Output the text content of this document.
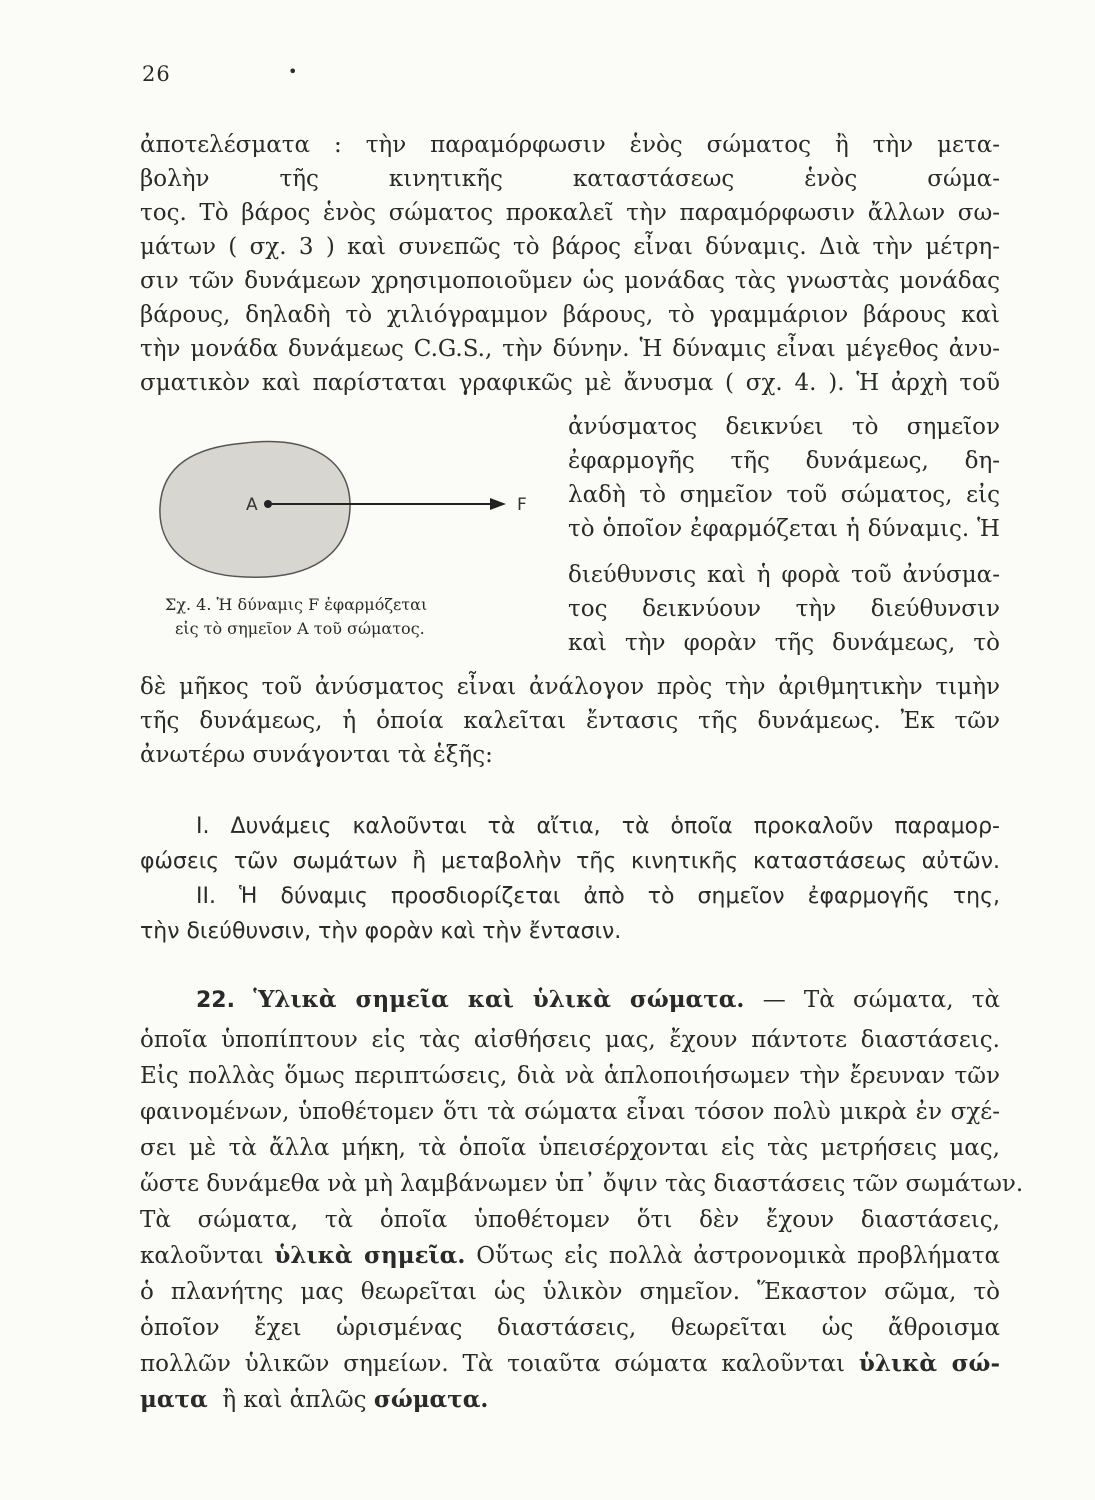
26	•
ἀποτελέσματα : τὴν παραμόρφωσιν ἑνὸς σώματος ἢ τὴν μετα-
βολὴν τῆς κινητικῆς καταστάσεως ἑνὸς σώμα-
τος. Τὸ βάρος ἑνὸς σώματος προκαλεῖ τὴν παραμόρφωσιν ἄλλων σω-
μάτων ( σχ. 3 ) καὶ συνεπῶς τὸ βάρος εἶναι δύναμις. Διὰ τὴν μέτρη-
σιν τῶν δυνάμεων χρησιμοποιοῦμεν ὡς μονάδας τὰς γνωστὰς μονάδας
βάρους, δηλαδὴ τὸ χιλιόγραμμον βάρους, τὸ γραμμάριον βάρους καὶ
τὴν μονάδα δυνάμεως C.G.S., τὴν δύνην. Ἡ δύναμις εἶναι μέγεθος ἀνυ-
σματικὸν καὶ παρίσταται γραφικῶς μὲ ἄνυσμα ( σχ. 4. ). Ἡ ἀρχὴ τοῦ
ἀνύσματος δεικνύει τὸ σημεῖον
ἐφαρμογῆς τῆς δυνάμεως, δη-
λαδὴ τὸ σημεῖον τοῦ σώματος, εἰς
τὸ ὁποῖον ἐφαρμόζεται ἡ δύναμις. Ἡ
διεύθυνσις καὶ ἡ φορὰ τοῦ ἀνύσμα-
τος δεικνύουν τὴν διεύθυνσιν
καὶ τὴν φορὰν τῆς δυνάμεως, τὸ
A	F
Σχ. 4. Ἡ δύναμις F ἐφαρμόζεται
εἰς τὸ σημεῖον A τοῦ σώματος.
δὲ μῆκος τοῦ ἀνύσματος εἶναι ἀνάλογον πρὸς τὴν ἀριθμητικὴν τιμὴν
τῆς δυνάμεως, ἡ ὁποία καλεῖται ἔντασις τῆς δυνάμεως. Ἐκ τῶν
ἀνωτέρω συνάγονται τὰ ἑξῆς:
I. Δυνάμεις καλοῦνται τὰ αἴτια, τὰ ὁποῖα προκαλοῦν παραμορ-
φώσεις τῶν σωμάτων ἢ μεταβολὴν τῆς κινητικῆς καταστάσεως αὐτῶν.
II. Ἡ δύναμις προσδιορίζεται ἀπὸ τὸ σημεῖον ἐφαρμογῆς της,
τὴν διεύθυνσιν, τὴν φορὰν καὶ τὴν ἔντασιν.
22. Ὑλικὰ σημεῖα καὶ ὑλικὰ σώματα. — Τὰ σώματα, τὰ
ὁποῖα ὑποπίπτουν εἰς τὰς αἰσθήσεις μας, ἔχουν πάντοτε διαστάσεις.
Εἰς πολλὰς ὅμως περιπτώσεις, διὰ νὰ ἁπλοποιήσωμεν τὴν ἔρευναν τῶν
φαινομένων, ὑποθέτομεν ὅτι τὰ σώματα εἶναι τόσον πολὺ μικρὰ ἐν σχέ-
σει μὲ τὰ ἄλλα μήκη, τὰ ὁποῖα ὑπεισέρχονται εἰς τὰς μετρήσεις μας,
ὥστε δυνάμεθα νὰ μὴ λαμβάνωμεν ὑπ᾽ ὄψιν τὰς διαστάσεις τῶν σωμάτων.
Τὰ σώματα, τὰ ὁποῖα ὑποθέτομεν ὅτι δὲν ἔχουν διαστάσεις,
καλοῦνται ὑλικὰ σημεῖα. Οὕτως εἰς πολλὰ ἀστρονομικὰ προβλήματα
ὁ πλανήτης μας θεωρεῖται ὡς ὑλικὸν σημεῖον. Ἕκαστον σῶμα, τὸ
ὁποῖον ἔχει ὡρισμένας διαστάσεις, θεωρεῖται ὡς ἄθροισμα
πολλῶν ὑλικῶν σημείων. Τὰ τοιαῦτα σώματα καλοῦνται ὑλικὰ σώ-
ματα ἢ καὶ ἁπλῶς σώματα.
